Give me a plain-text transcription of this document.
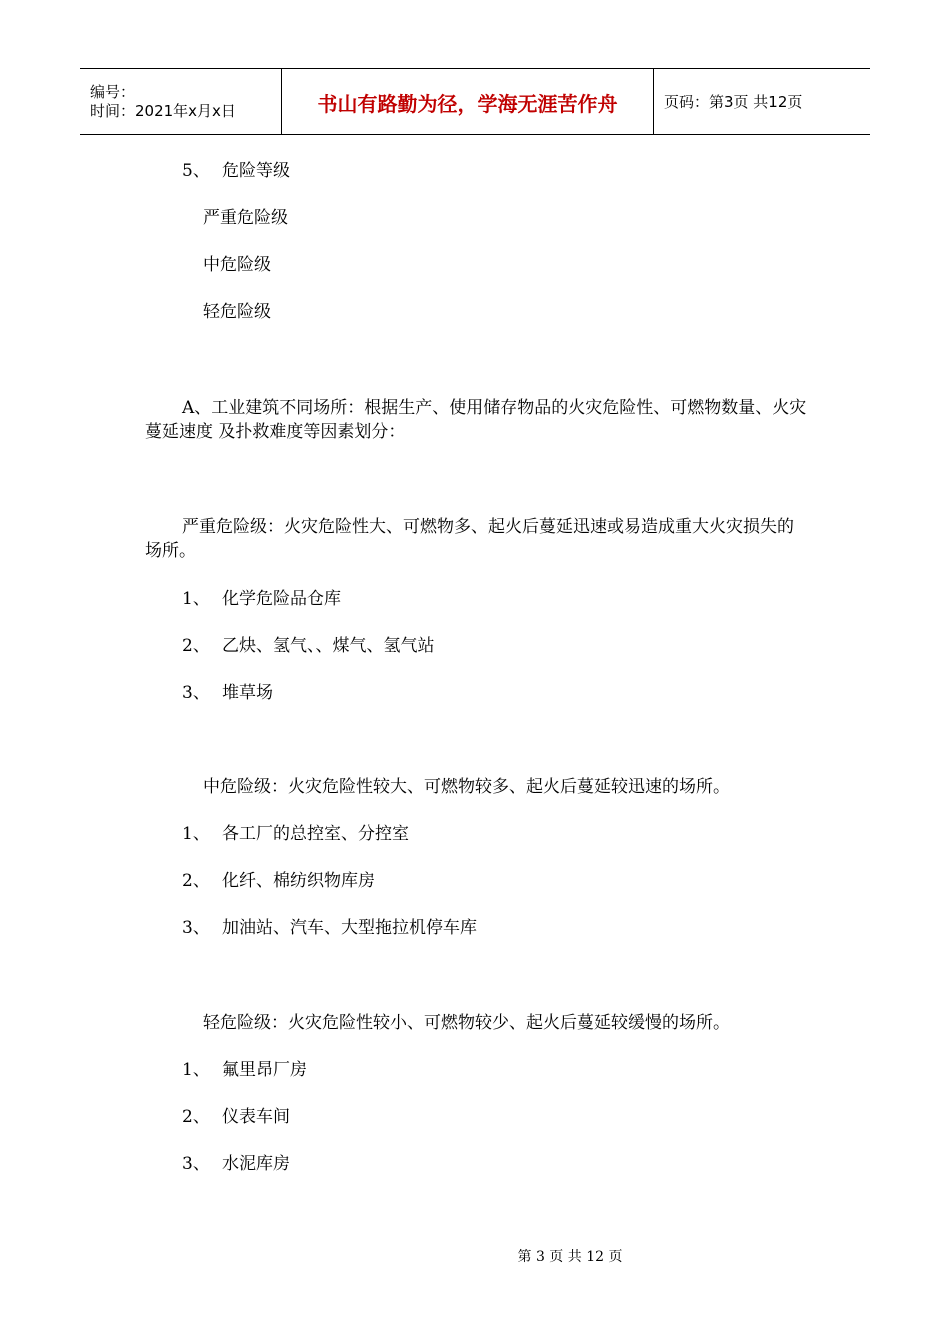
编号：
时间：2021年x月x日	书山有路勤为径，学海无涯苦作舟	页码：第3页 共12页
5、 危险等级
严重危险级
中危险级
轻危险级
A、工业建筑不同场所：根据生产、使用储存物品的火灾危险性、可燃物数量、火灾蔓延速度 及扑救难度等因素划分：
严重危险级：火灾危险性大、可燃物多、起火后蔓延迅速或易造成重大火灾损失的场所。
1、 化学危险品仓库
2、 乙炔、氢气、、煤气、氢气站
3、 堆草场
中危险级：火灾危险性较大、可燃物较多、起火后蔓延较迅速的场所。
1、 各工厂的总控室、分控室
2、 化纤、棉纺织物库房
3、 加油站、汽车、大型拖拉机停车库
轻危险级：火灾危险性较小、可燃物较少、起火后蔓延较缓慢的场所。
1、 氟里昂厂房
2、 仪表车间
3、 水泥库房
第 3 页 共 12 页
